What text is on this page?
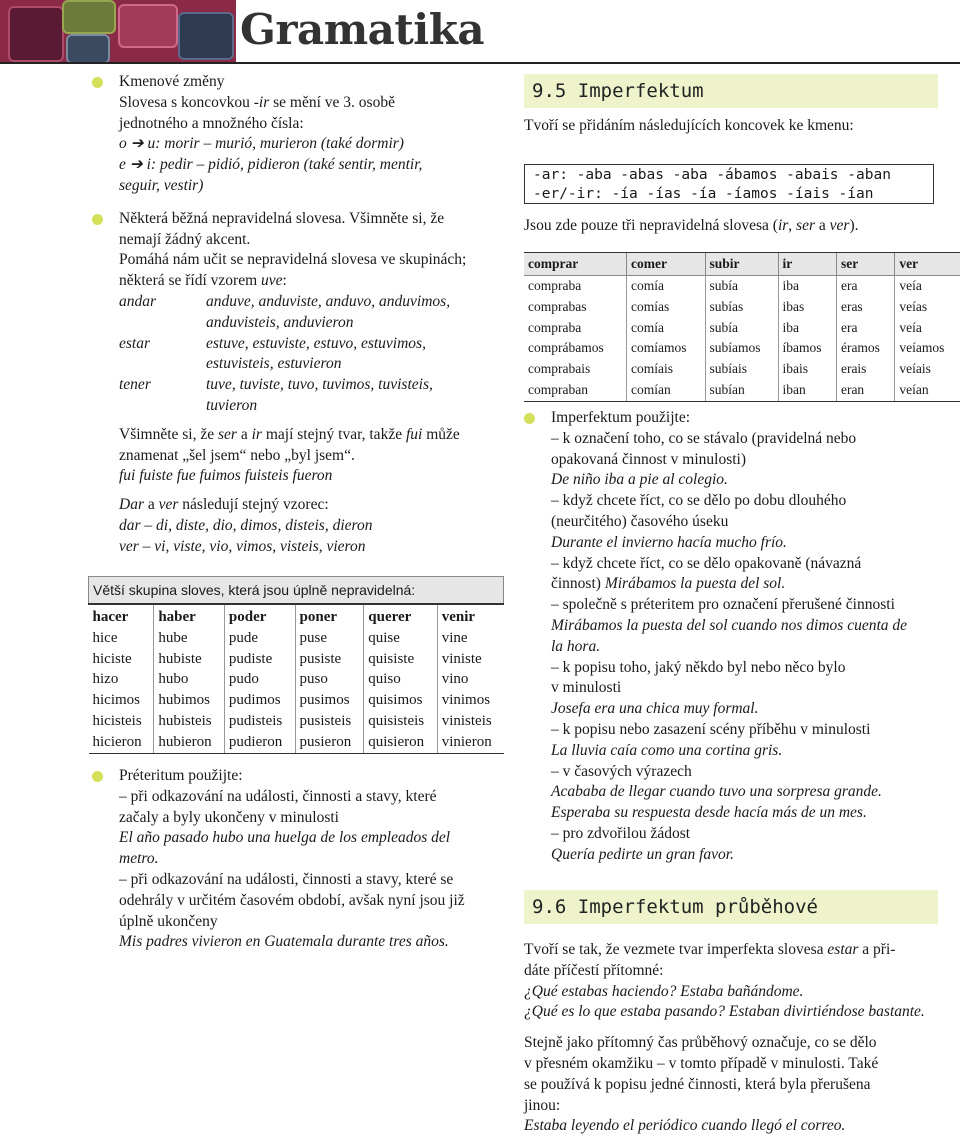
Gramatika

Kmenové změny

Slovesa s koncovkou -ir se mění ve 3. osobě

jednotného a množného čísla:

o ➔ u: morir – murió, murieron (také dormir)

e ➔ i: pedir – pidió, pidieron (také sentir, mentir,

seguir, vestir)

Některá běžná nepravidelná slovesa. Všimněte si, že

nemají žádný akcent.

Pomáhá nám učit se nepravidelná slovesa ve skupinách;

některá se řídí vzorem uve:

andar	anduve, anduviste, anduvo, anduvimos,
anduvisteis, anduvieron
estar	estuve, estuviste, estuvo, estuvimos,
estuvisteis, estuvieron
tener	tuve, tuviste, tuvo, tuvimos, tuvisteis,
tuvieron

Všimněte si, že ser a ir mají stejný tvar, takže fui může

znamenat „šel jsem“ nebo „byl jsem“.

fui fuiste fue fuimos fuisteis fueron

Dar a ver následují stejný vzorec:

dar – di, diste, dio, dimos, disteis, dieron

ver – vi, viste, vio, vimos, visteis, vieron

Větší skupina sloves, která jsou úplně nepravidelná:					
hacer	haber	poder	poner	querer	venir
hice	hube	pude	puse	quise	vine
hiciste	hubiste	pudiste	pusiste	quisiste	viniste
hizo	hubo	pudo	puso	quiso	vino
hicimos	hubimos	pudimos	pusimos	quisimos	vinimos
hicisteis	hubisteis	pudisteis	pusisteis	quisisteis	vinisteis
hicieron	hubieron	pudieron	pusieron	quisieron	vinieron

Préteritum použijte:

– při odkazování na události, činnosti a stavy, které

začaly a byly ukončeny v minulosti

El año pasado hubo una huelga de los empleados del

metro.

– při odkazování na události, činnosti a stavy, které se

odehrály v určitém časovém období, avšak nyní jsou již

úplně ukončeny

Mis padres vivieron en Guatemala durante tres años.

9.5 Imperfektum

Tvoří se přidáním následujících koncovek ke kmenu:

-ar: -aba -abas -aba -ábamos -abais -aban
-er/-ir: -ía -ías -ía -íamos -íais -ían

Jsou zde pouze tři nepravidelná slovesa (ir, ser a ver).

comprar	comer	subir	ir	ser	ver
compraba	comía	subía	iba	era	veía
comprabas	comías	subías	ibas	eras	veías
compraba	comía	subía	iba	era	veía
comprábamos	comíamos	subíamos	íbamos	éramos	veíamos
comprabais	comíais	subíais	ibais	erais	veíais
compraban	comían	subían	iban	eran	veían

Imperfektum použijte:

– k označení toho, co se stávalo (pravidelná nebo

opakovaná činnost v minulosti)

De niño iba a pie al colegio.

– když chcete říct, co se dělo po dobu dlouhého

(neurčitého) časového úseku

Durante el invierno hacía mucho frío.

– když chcete říct, co se dělo opakovaně (návazná

činnost) Mirábamos la puesta del sol.

– společně s préteritem pro označení přerušené činnosti

Mirábamos la puesta del sol cuando nos dimos cuenta de

la hora.

– k popisu toho, jaký někdo byl nebo něco bylo

v minulosti

Josefa era una chica muy formal.

– k popisu nebo zasazení scény příběhu v minulosti

La lluvia caía como una cortina gris.

– v časových výrazech

Acababa de llegar cuando tuvo una sorpresa grande.

Esperaba su respuesta desde hacía más de un mes.

– pro zdvořilou žádost

Quería pedirte un gran favor.

9.6 Imperfektum průběhové

Tvoří se tak, že vezmete tvar imperfekta slovesa estar a při-

dáte příčestí přítomné:

¿Qué estabas haciendo? Estaba bañándome.

¿Qué es lo que estaba pasando? Estaban divirtiéndose bastante.

Stejně jako přítomný čas průběhový označuje, co se dělo

v přesném okamžiku – v tomto případě v minulosti. Také

se používá k popisu jedné činnosti, která byla přerušena

jinou:

Estaba leyendo el periódico cuando llegó el correo.
